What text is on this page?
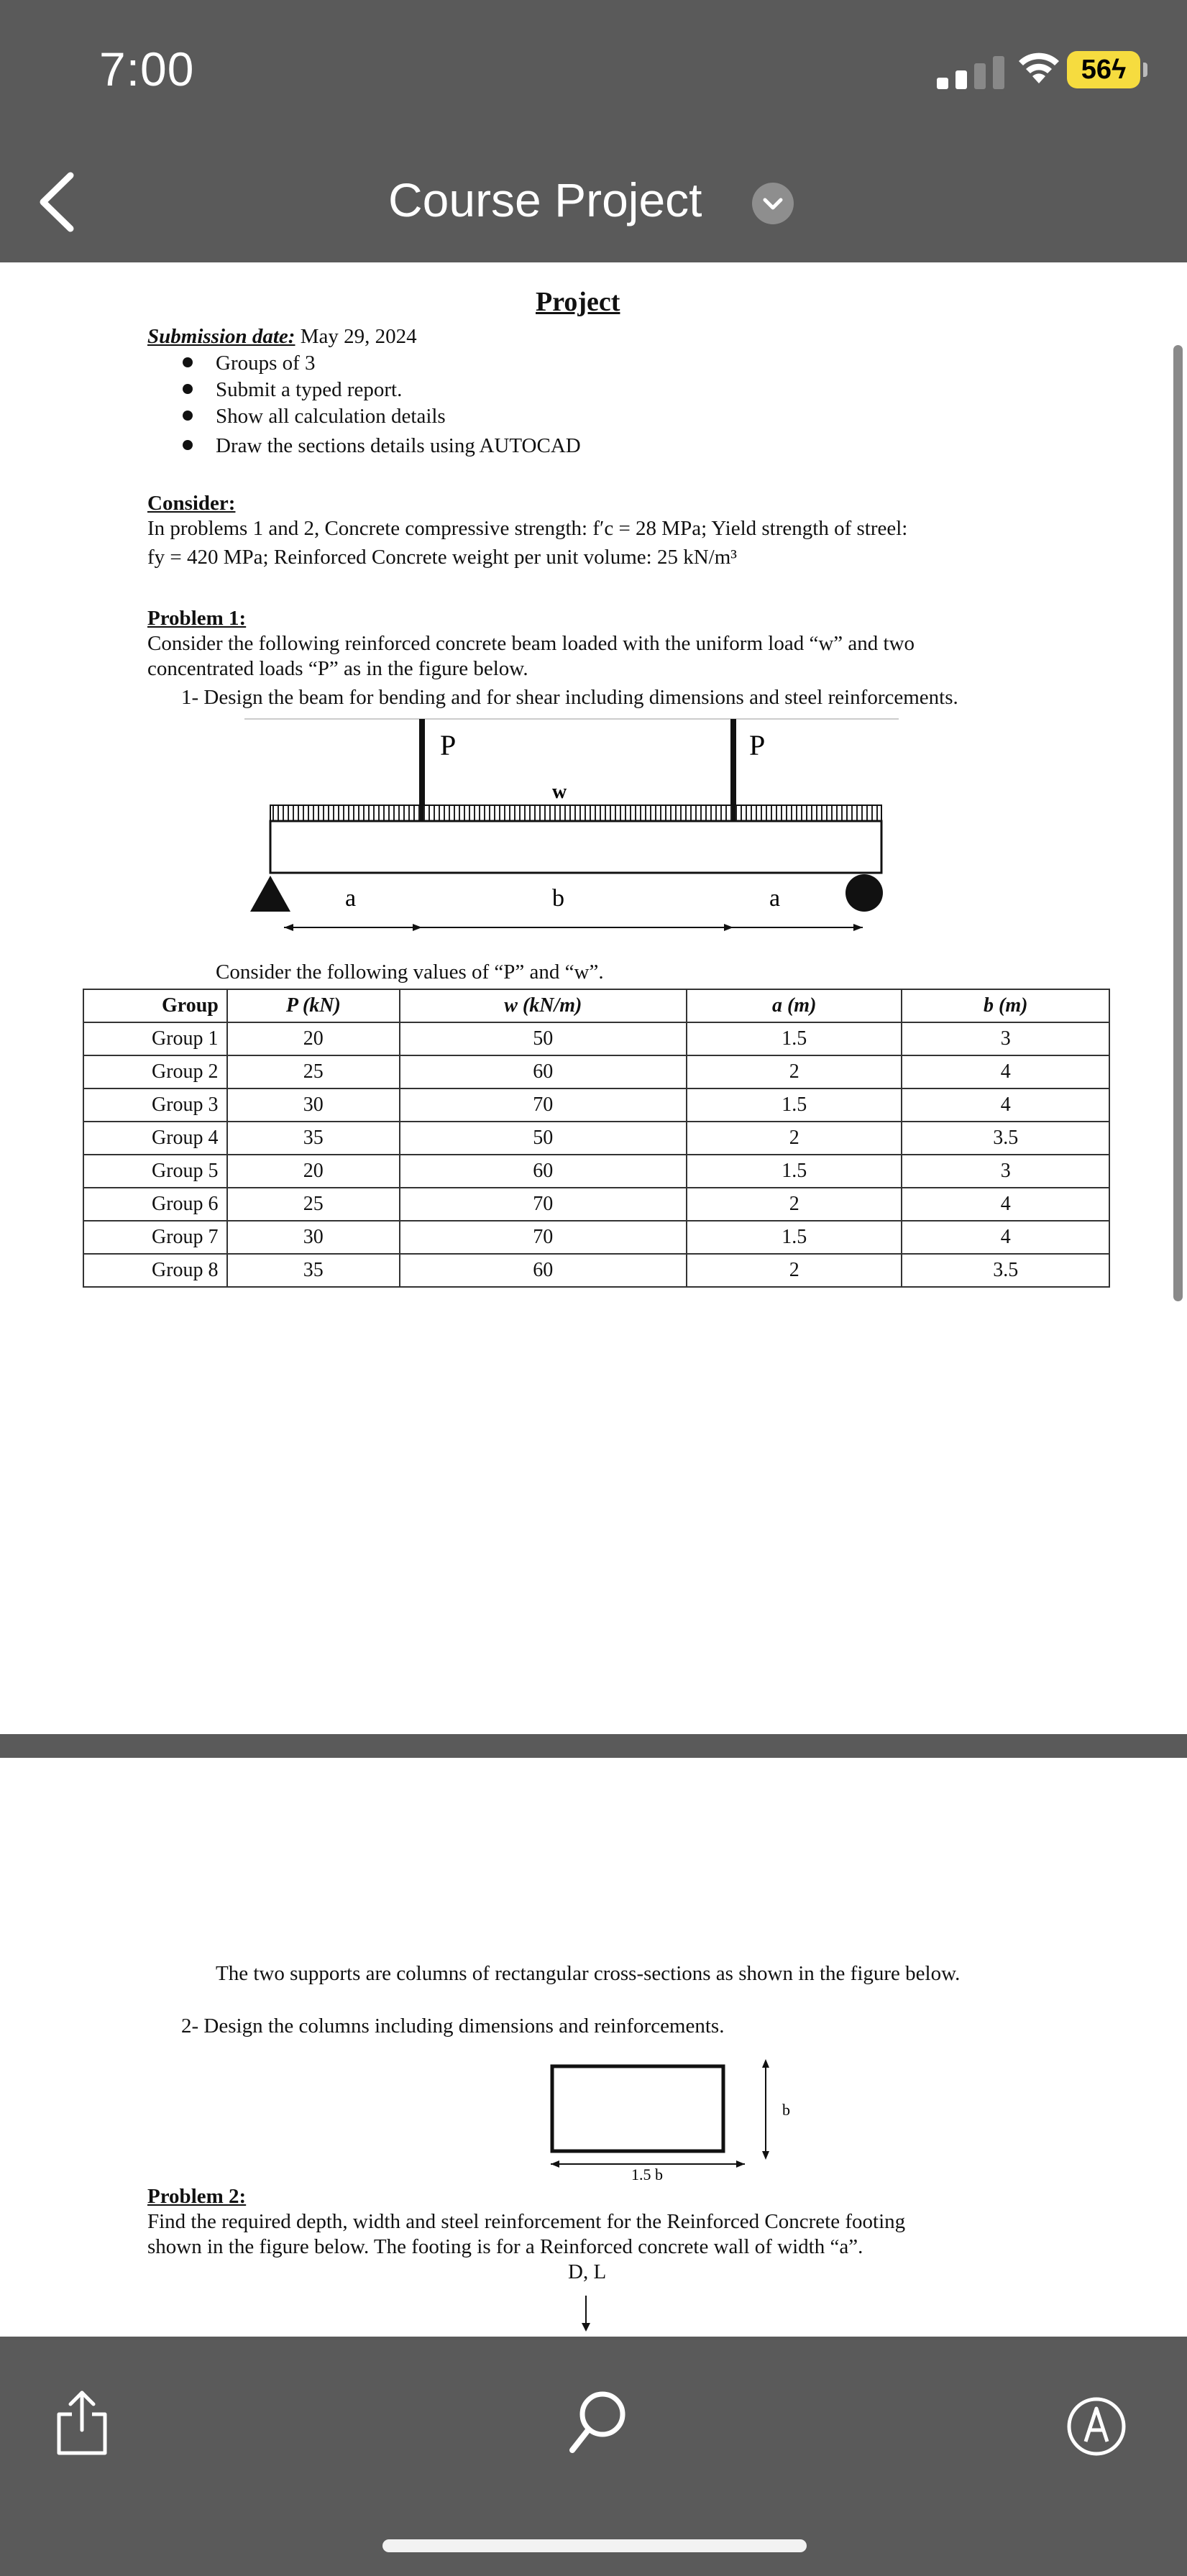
7:00	56ϟ
Course Project
Project
Submission date: May 29, 2024
Groups of 3
Submit a typed report.
Show all calculation details
Draw the sections details using AUTOCAD
Consider:
In problems 1 and 2, Concrete compressive strength: f′c = 28 MPa; Yield strength of streel:
fy = 420 MPa; Reinforced Concrete weight per unit volume: 25 kN/m³
Problem 1:
Consider the following reinforced concrete beam loaded with the uniform load “w” and two
concentrated loads “P” as in the figure below.
1- Design the beam for bending and for shear including dimensions and steel reinforcements.
P	P
w
a	b	a
Consider the following values of “P” and “w”.
Group	P (kN)	w (kN/m)	a (m)	b (m)
Group 1	20	50	1.5	3
Group 2	25	60	2	4
Group 3	30	70	1.5	4
Group 4	35	50	2	3.5
Group 5	20	60	1.5	3
Group 6	25	70	2	4
Group 7	30	70	1.5	4
Group 8	35	60	2	3.5
The two supports are columns of rectangular cross-sections as shown in the figure below.
2- Design the columns including dimensions and reinforcements.
b
1.5 b
Problem 2:
Find the required depth, width and steel reinforcement for the Reinforced Concrete footing
shown in the figure below. The footing is for a Reinforced concrete wall of width “a”.
D, L
